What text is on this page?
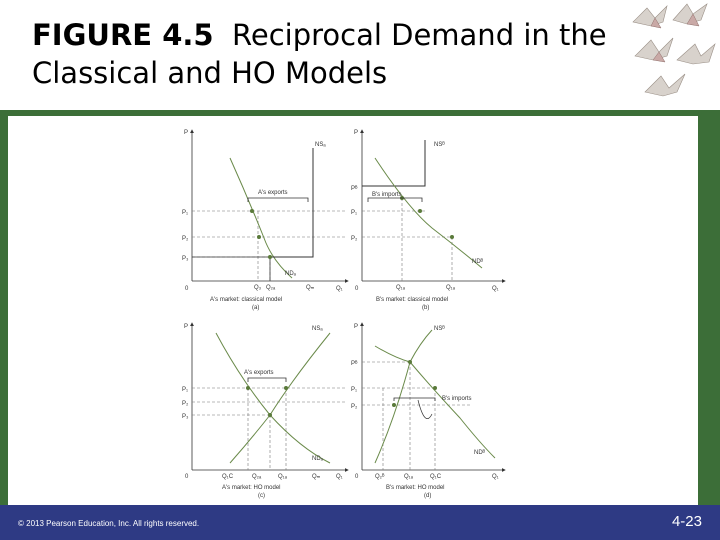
FIGURE 4.5 Reciprocal Demand in the Classical and HO Models
P
Q₁
0
P₁
P₂
P₃
A's exports
NSₐ
NDₐ
Q₃ Q₂ₐ	Qₘ
A's market: classical model
(a)
P
Q₁
0
Pᴮ
P₁
P₂
B's imports
NSᴮ
NDᴮ
Q₁ₐ	Q₁ₐ
B's market: classical model
(b)
P
Q₁
0
P₁
P₂
P₃
A's exports
NSₐ
NDₐ
Q₁C	Q₂ₐ	Q₁ₐ	Qₘ
A's market: HO model
(c)
P
Q₁
0
Pᴮ
P₁
P₂
B's imports
NSᴮ
NDᴮ
Q₂ᴮ	Q₁ₐ	Q₁C
B's market: HO model
(d)
© 2013 Pearson Education, Inc. All rights reserved.	4-23
